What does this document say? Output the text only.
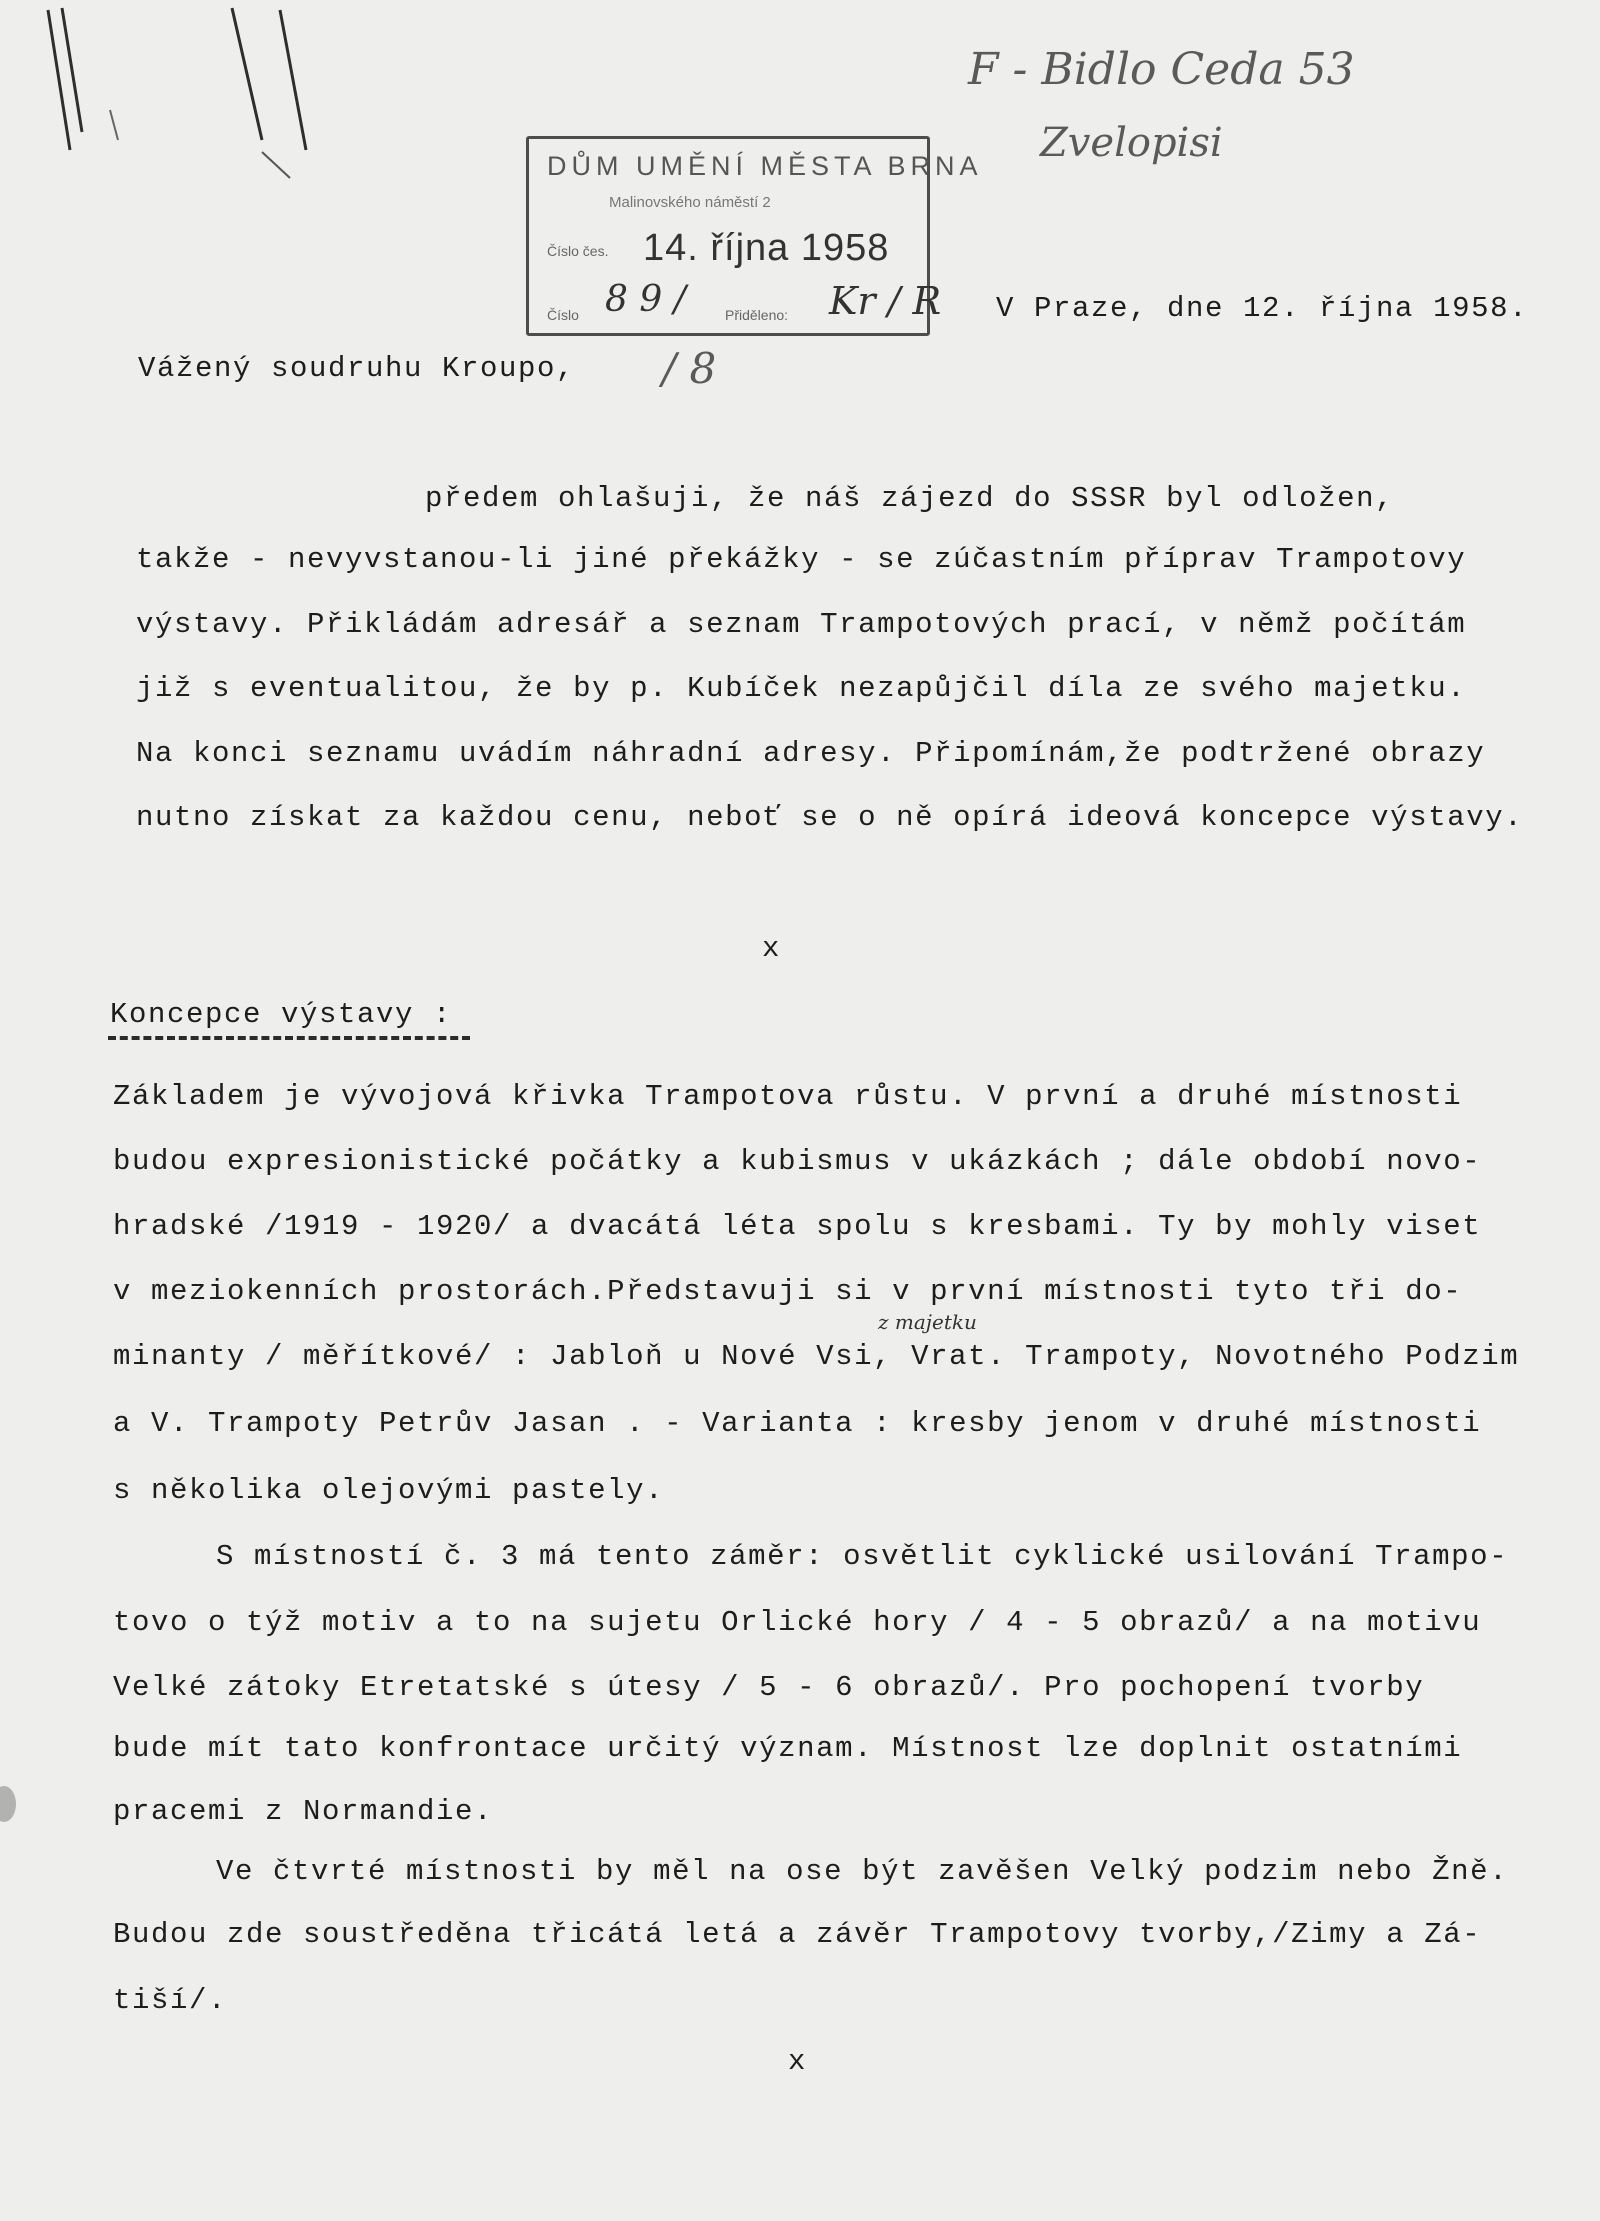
F - Bidlo Ceda 53
Zvelopisi
DŮM UMĚNÍ MĚSTA BRNA
Malinovského náměstí 2
Číslo čes. 14. října 1958
Číslo	Přiděleno:
8 9 /	Kr / R
/ 8
V Praze, dne 12. října 1958.
Vážený soudruhu Kroupo,
předem ohlašuji, že náš zájezd do SSSR byl odložen,
takže - nevyvstanou-li jiné překážky - se zúčastním příprav Trampotovy
výstavy. Přikládám adresář a seznam Trampotových prací, v němž počítám
již s eventualitou, že by p. Kubíček nezapůjčil díla ze svého majetku.
Na konci seznamu uvádím náhradní adresy. Připomínám,že podtržené obrazy
nutno získat za každou cenu, neboť se o ně opírá ideová koncepce výstavy.
x
Koncepce výstavy :
Základem je vývojová křivka Trampotova růstu. V první a druhé místnosti
budou expresionistické počátky a kubismus v ukázkách ; dále období novo-
hradské /1919 - 1920/ a dvacátá léta spolu s kresbami. Ty by mohly viset
v meziokenních prostorách.Představuji si v první místnosti tyto tři do-
z majetku
minanty / měřítkové/ : Jabloň u Nové Vsi, Vrat. Trampoty, Novotného Podzim
a V. Trampoty Petrův Jasan . - Varianta : kresby jenom v druhé místnosti
s několika olejovými pastely.
S místností č. 3 má tento záměr: osvětlit cyklické usilování Trampo-
tovo o týž motiv a to na sujetu Orlické hory / 4 - 5 obrazů/ a na motivu
Velké zátoky Etretatské s útesy / 5 - 6 obrazů/. Pro pochopení tvorby
bude mít tato konfrontace určitý význam. Místnost lze doplnit ostatními
pracemi z Normandie.
Ve čtvrté místnosti by měl na ose být zavěšen Velký podzim nebo Žně.
Budou zde soustředěna třicátá letá a závěr Trampotovy tvorby,/Zimy a Zá-
tiší/.
x
